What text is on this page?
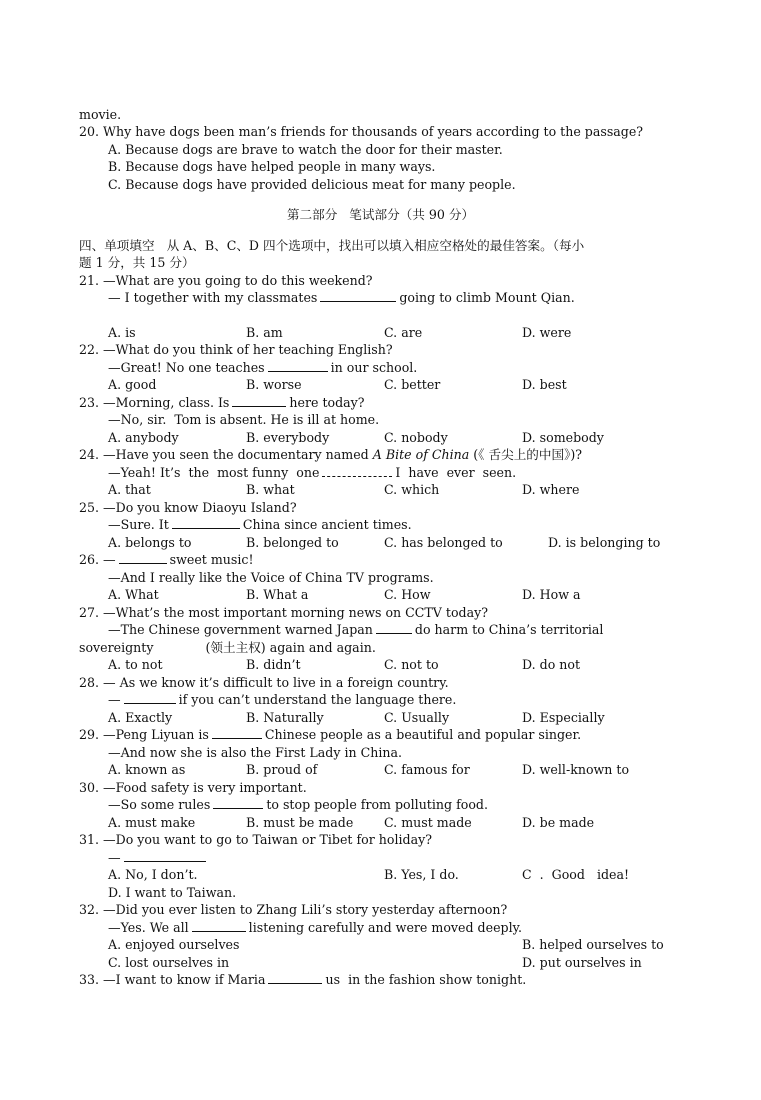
movie.
20. Why have dogs been man’s friends for thousands of years according to the passage?
A. Because dogs are brave to watch the door for their master.
B. Because dogs have helped people in many ways.
C. Because dogs have provided delicious meat for many people.
第二部分   笔试部分（共 90 分）
四、单项填空   从 A、B、C、D 四个选项中，找出可以填入相应空格处的最佳答案。（每小
题 1 分，共 15 分）
21. —What are you going to do this weekend?
— I together with my classmates	going to climb Mount Qian.
A. is	B. am	C. are	D. were
22. —What do you think of her teaching English?
—Great! No one teaches	in our school.
A. good	B. worse	C. better	D. best
23. —Morning, class. Is	here today?
—No, sir.  Tom is absent. He is ill at home.
A. anybody	B. everybody	C. nobody	D. somebody
24. —Have you seen the documentary named A Bite of China (《 舌尖上的中国》)?
—Yeah! It’s  the  most funny  one	I  have  ever  seen.
A. that	B. what	C. which	D. where
25. —Do you know Diaoyu Island?
—Sure. It	China since ancient times.
A. belongs to	B. belonged to	C. has belonged to	D. is belonging to
26. —	sweet music!
—And I really like the Voice of China TV programs.
A. What	B. What a	C. How	D. How a
27. —What’s the most important morning news on CCTV today?
—The Chinese government warned Japan	do harm to China’s territorial
sovereignty             (领土主权) again and again.
A. to not	B. didn’t	C. not to	D. do not
28. — As we know it’s difficult to live in a foreign country.
—	if you can’t understand the language there.
A. Exactly	B. Naturally	C. Usually	D. Especially
29. —Peng Liyuan is	Chinese people as a beautiful and popular singer.
—And now she is also the First Lady in China.
A. known as	B. proud of	C. famous for	D. well-known to
30. —Food safety is very important.
—So some rules	to stop people from polluting food.
A. must make	B. must be made C. must made	D. be made
31. —Do you want to go to Taiwan or Tibet for holiday?
—
A. No, I don’t.	B. Yes, I do.	C  .  Good   idea!
D. I want to Taiwan.
32. —Did you ever listen to Zhang Lili’s story yesterday afternoon?
—Yes. We all	listening carefully and were moved deeply.
A. enjoyed ourselves	B. helped ourselves to
C. lost ourselves in	D. put ourselves in
33. —I want to know if Maria	us  in the fashion show tonight.
